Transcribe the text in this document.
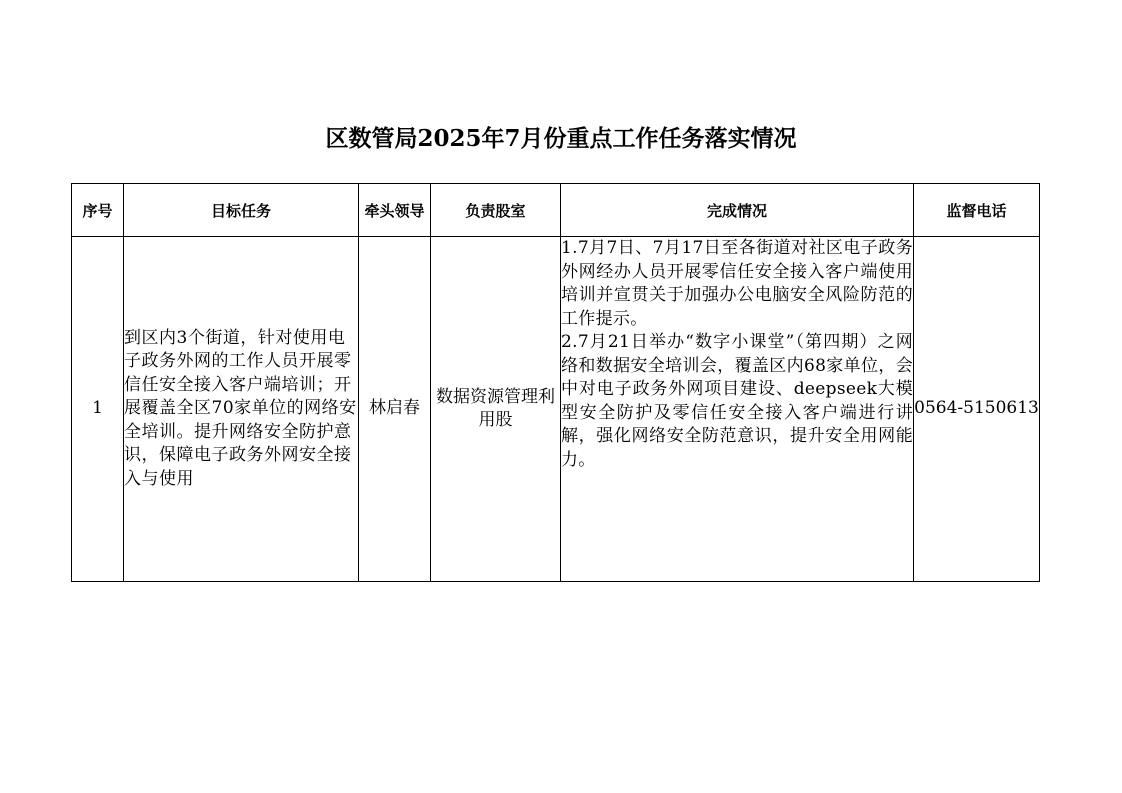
区数管局2025年7月份重点工作任务落实情况
序号	目标任务	牵头领导	负责股室	完成情况	监督电话
1	到区内3个街道，针对使用电子政务外网的工作人员开展零信任安全接入客户端培训；开展覆盖全区70家单位的网络安全培训。提升网络安全防护意识，保障电子政务外网安全接入与使用	林启春	数据资源管理利用股	1.7月7日、7月17日至各街道对社区电子政务外网经办人员开展零信任安全接入客户端使用培训并宣贯关于加强办公电脑安全风险防范的工作提示。
2.7月21日举办“数字小课堂”（第四期）之网络和数据安全培训会，覆盖区内68家单位，会中对电子政务外网项目建设、deepseek大模型安全防护及零信任安全接入客户端进行讲解，强化网络安全防范意识，提升安全用网能力。	0564-5150613
